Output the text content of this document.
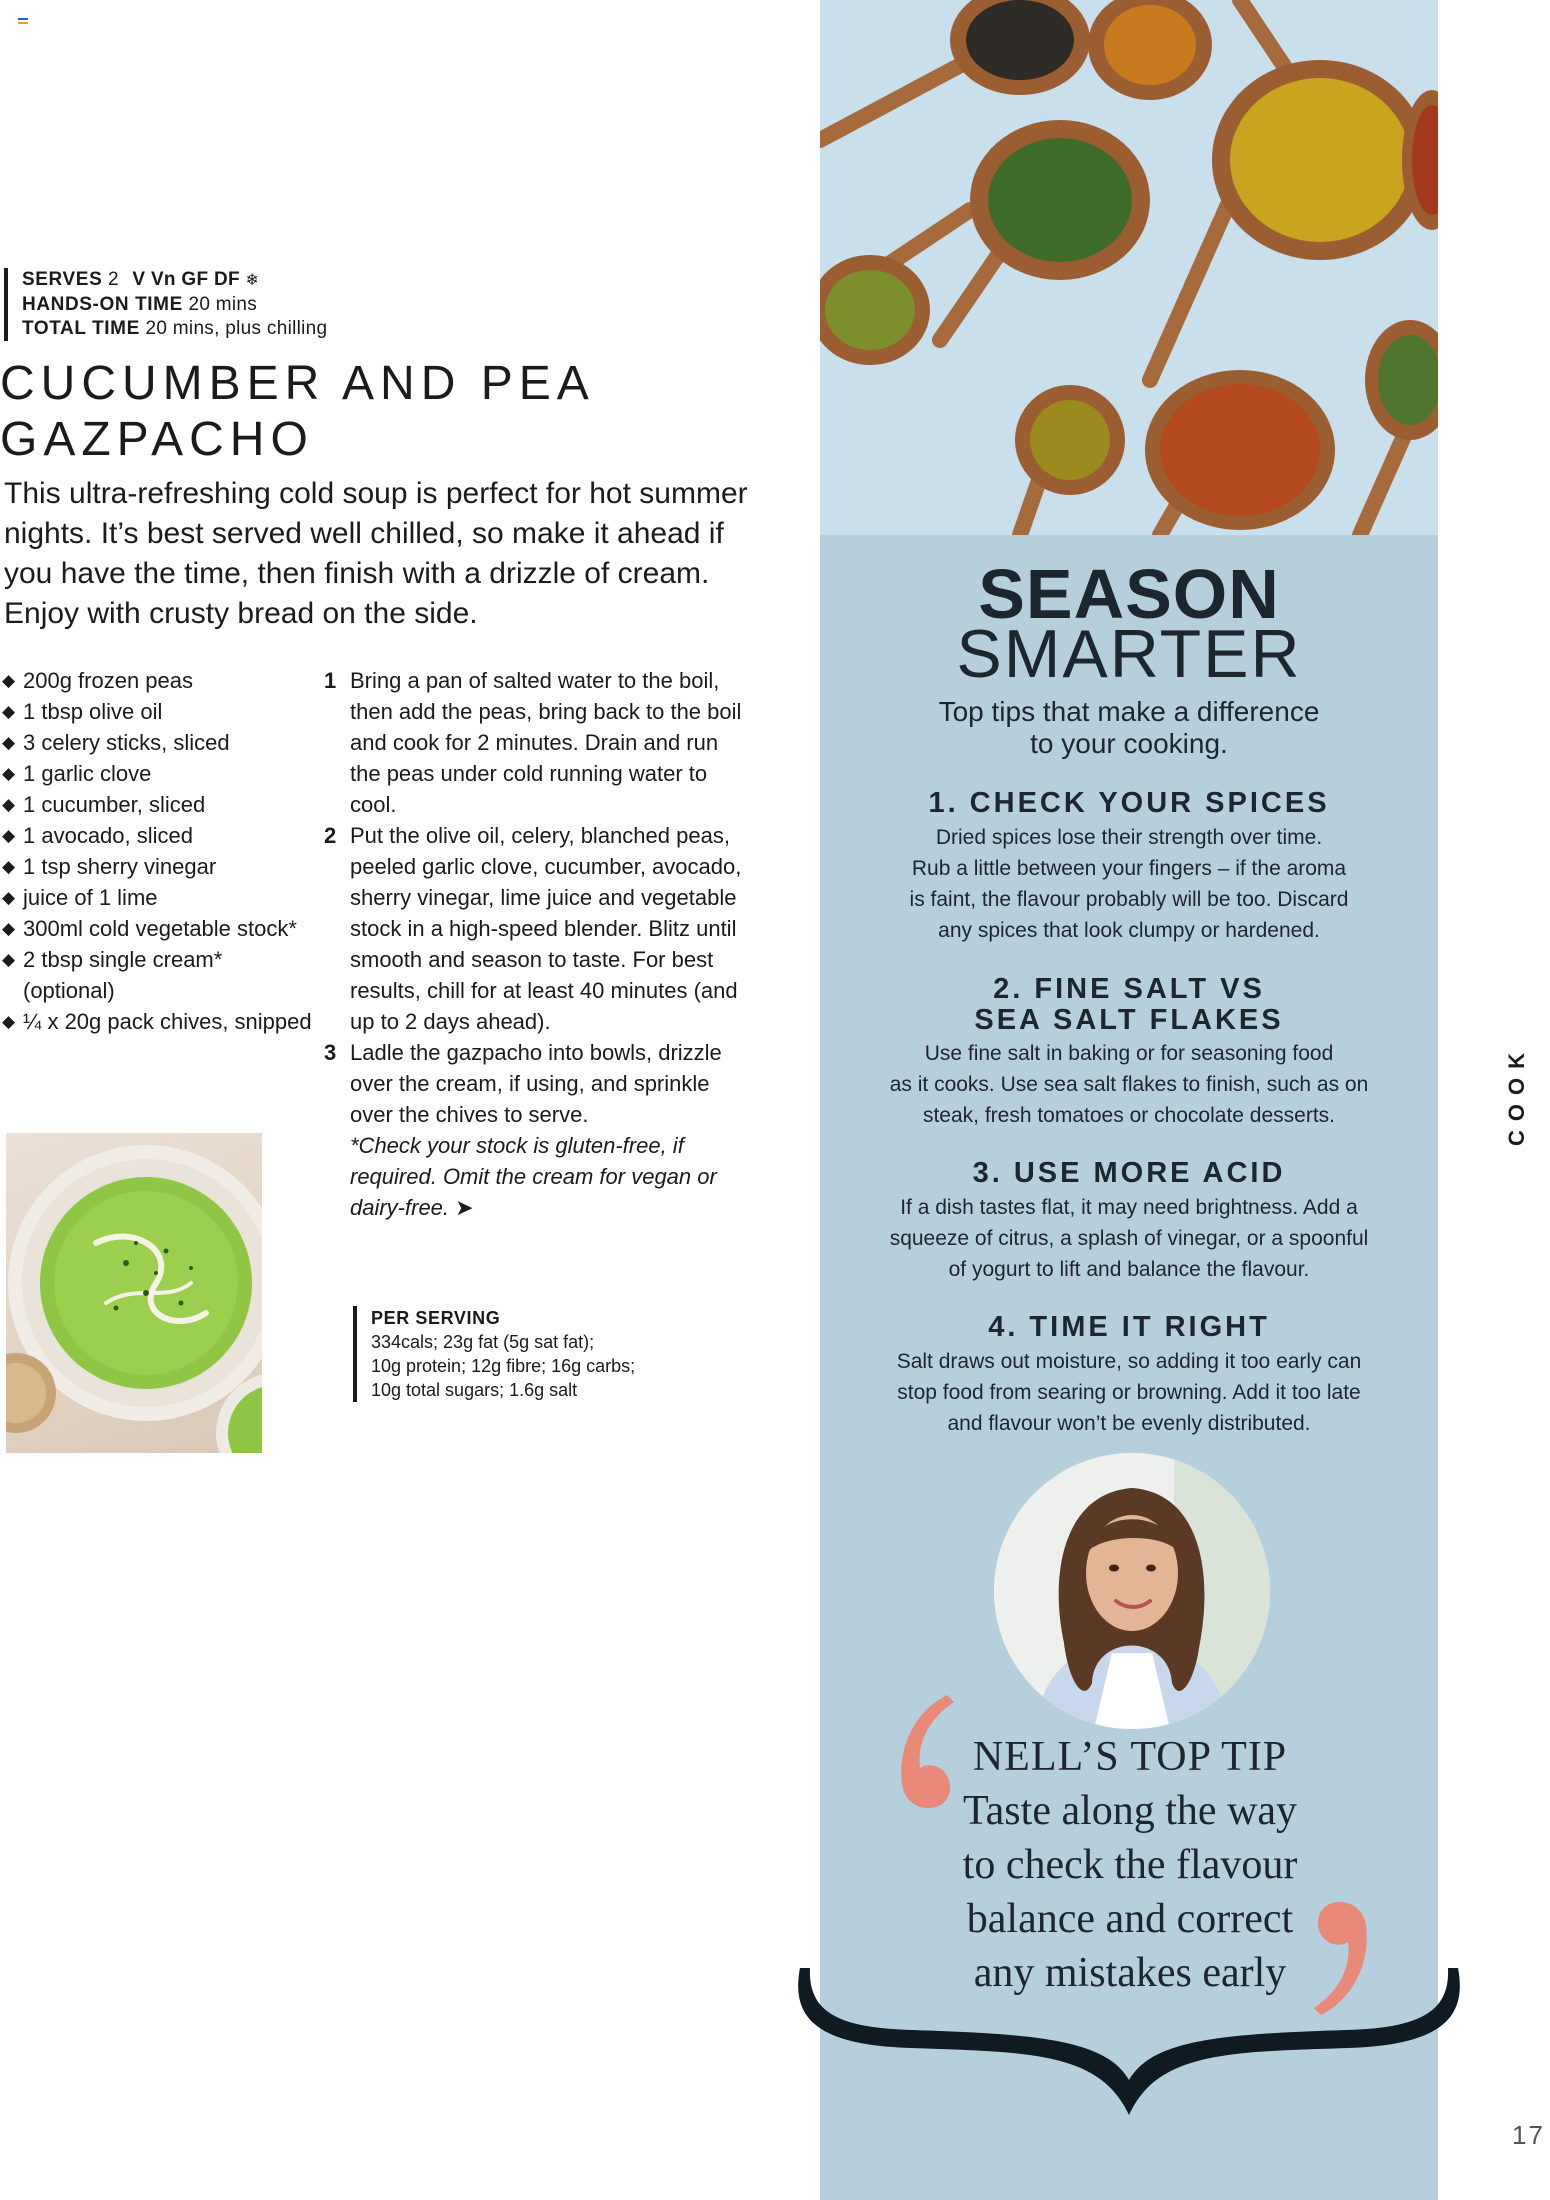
SERVES 2 V Vn GF DF ❄
HANDS-ON TIME 20 mins
TOTAL TIME 20 mins, plus chilling
CUCUMBER AND PEA GAZPACHO

This ultra-refreshing cold soup is perfect for hot summer nights. It’s best served well chilled, so make it ahead if you have the time, then finish with a drizzle of cream. Enjoy with crusty bread on the side.

◆ 200g frozen peas
◆ 1 tbsp olive oil
◆ 3 celery sticks, sliced
◆ 1 garlic clove
◆ 1 cucumber, sliced
◆ 1 avocado, sliced
◆ 1 tsp sherry vinegar
◆ juice of 1 lime
◆ 300ml cold vegetable stock*
◆ 2 tbsp single cream* (optional)
◆ ¼ x 20g pack chives, snipped
1 Bring a pan of salted water to the boil, then add the peas, bring back to the boil and cook for 2 minutes. Drain and run the peas under cold running water to cool.
2 Put the olive oil, celery, blanched peas, peeled garlic clove, cucumber, avocado, sherry vinegar, lime juice and vegetable stock in a high-speed blender. Blitz until smooth and season to taste. For best results, chill for at least 40 minutes (and up to 2 days ahead).
3 Ladle the gazpacho into bowls, drizzle over the cream, if using, and sprinkle over the chives to serve.
*Check your stock is gluten-free, if required. Omit the cream for vegan or dairy-free. ➤
PER SERVING
334cals; 23g fat (5g sat fat);
10g protein; 12g fibre; 16g carbs;
10g total sugars; 1.6g salt
SEASON
SMARTER
Top tips that make a difference
to your cooking.
1. CHECK YOUR SPICES
Dried spices lose their strength over time.
Rub a little between your fingers – if the aroma
is faint, the flavour probably will be too. Discard
any spices that look clumpy or hardened.
2. FINE SALT VS
SEA SALT FLAKES
Use fine salt in baking or for seasoning food
as it cooks. Use sea salt flakes to finish, such as on
steak, fresh tomatoes or chocolate desserts.
3. USE MORE ACID
If a dish tastes flat, it may need brightness. Add a
squeeze of citrus, a splash of vinegar, or a spoonful
of yogurt to lift and balance the flavour.
4. TIME IT RIGHT
Salt draws out moisture, so adding it too early can
stop food from searing or browning. Add it too late
and flavour won’t be evenly distributed.
NELL’S TOP TIP
Taste along the way
to check the flavour
balance and correct
any mistakes early
COOK
17
